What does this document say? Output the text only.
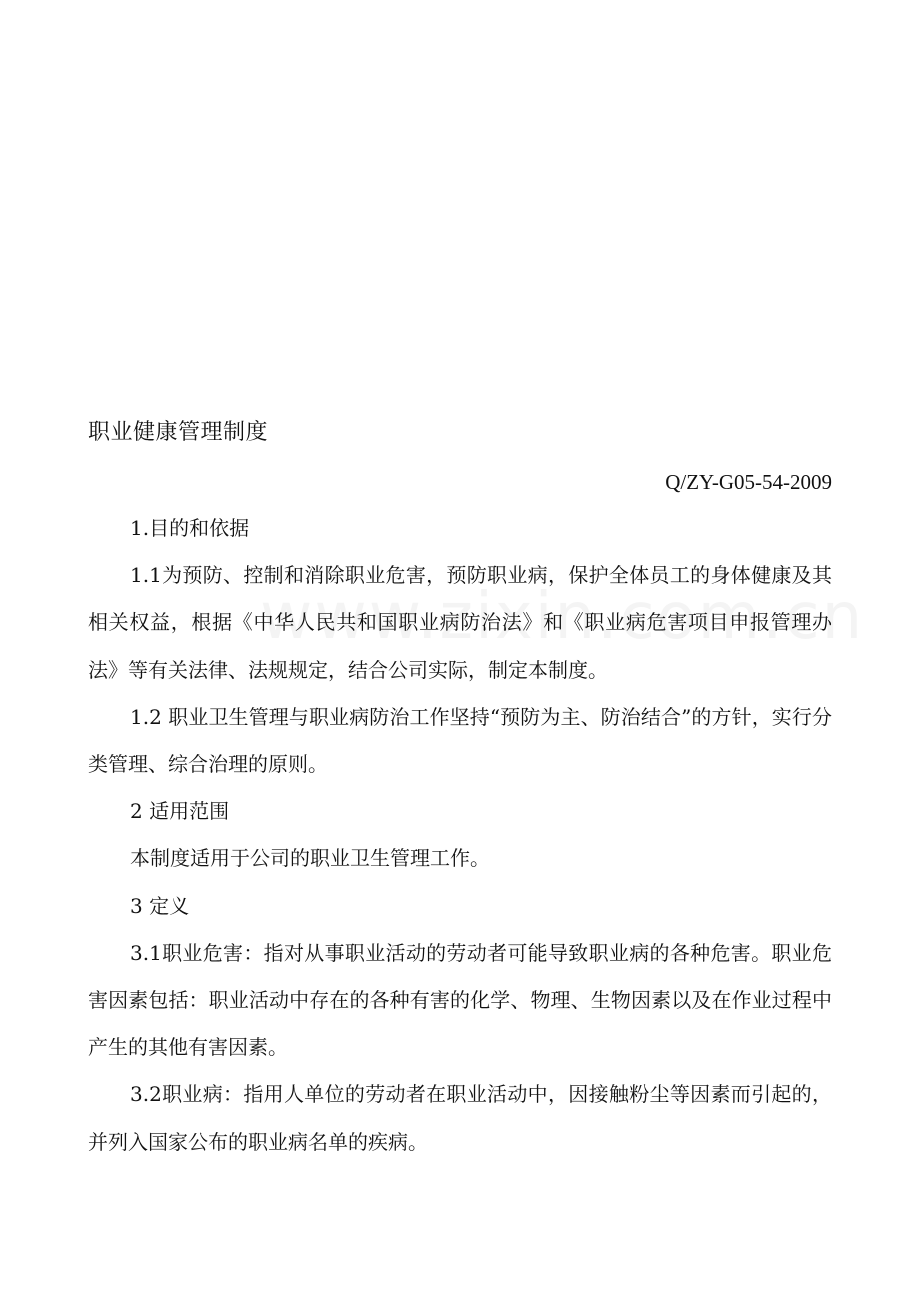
职业健康管理制度
Q/ZY-G05-54-2009

1.目的和依据

1.1为预防、控制和消除职业危害，预防职业病，保护全体员工的身体健康及其相关权益，根据《中华人民共和国职业病防治法》和《职业病危害项目申报管理办法》等有关法律、法规规定，结合公司实际，制定本制度。

1.2 职业卫生管理与职业病防治工作坚持“预防为主、防治结合”的方针，实行分类管理、综合治理的原则。

2 适用范围

本制度适用于公司的职业卫生管理工作。

3 定义

3.1职业危害：指对从事职业活动的劳动者可能导致职业病的各种危害。职业危害因素包括：职业活动中存在的各种有害的化学、物理、生物因素以及在作业过程中产生的其他有害因素。

3.2职业病：指用人单位的劳动者在职业活动中，因接触粉尘等因素而引起的，并列入国家公布的职业病名单的疾病。
